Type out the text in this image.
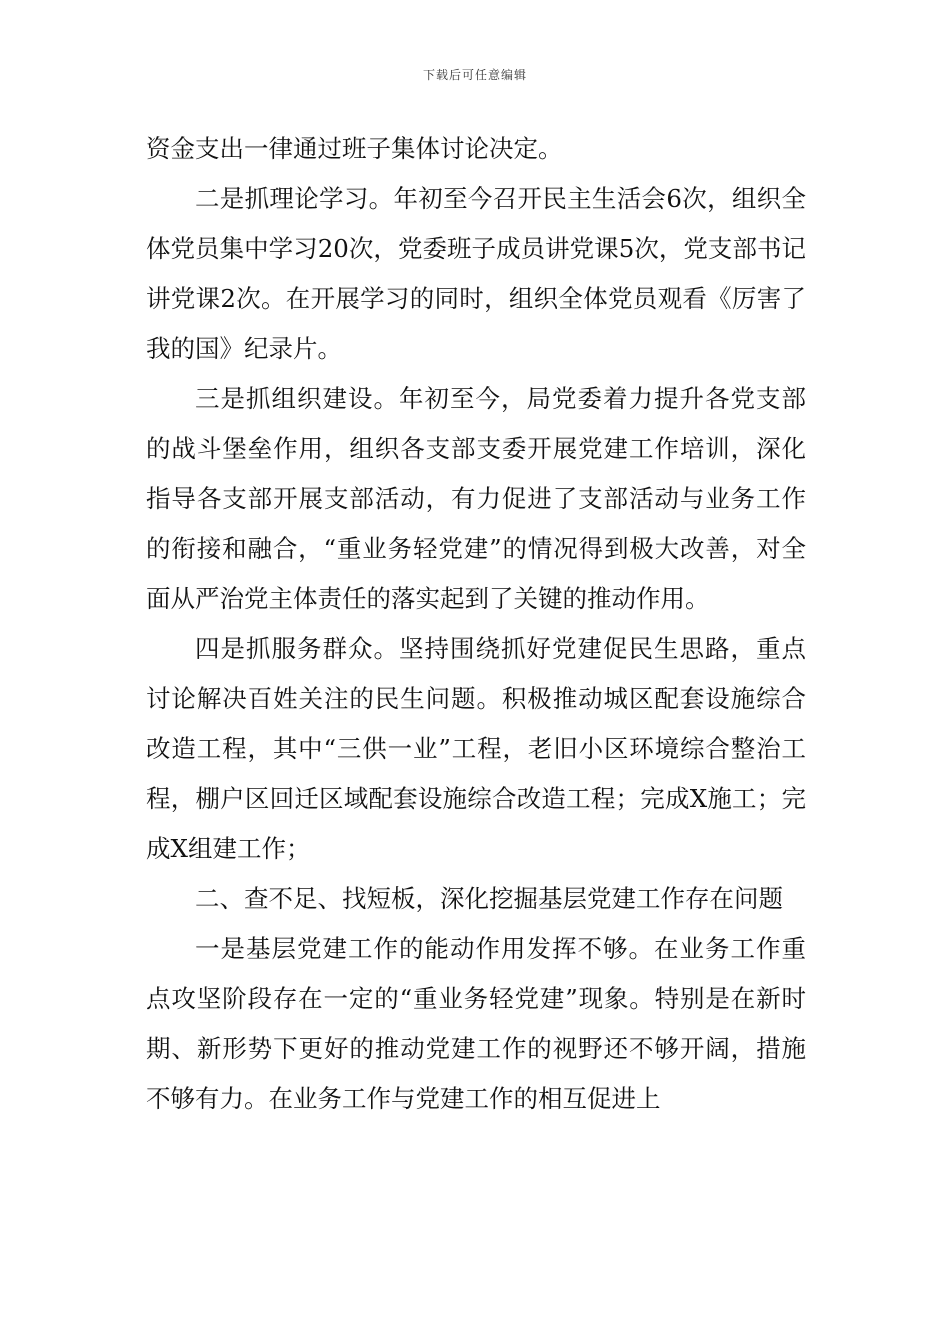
下载后可任意编辑

资金支出一律通过班子集体讨论决定。

二是抓理论学习。年初至今召开民主生活会6次，组织全体党员集中学习20次，党委班子成员讲党课5次，党支部书记讲党课2次。在开展学习的同时，组织全体党员观看《厉害了我的国》纪录片。

三是抓组织建设。年初至今，局党委着力提升各党支部的战斗堡垒作用，组织各支部支委开展党建工作培训，深化指导各支部开展支部活动，有力促进了支部活动与业务工作的衔接和融合，“重业务轻党建”的情况得到极大改善，对全面从严治党主体责任的落实起到了关键的推动作用。

四是抓服务群众。坚持围绕抓好党建促民生思路，重点讨论解决百姓关注的民生问题。积极推动城区配套设施综合改造工程，其中“三供一业”工程，老旧小区环境综合整治工程，棚户区回迁区域配套设施综合改造工程；完成X施工；完成X组建工作；

二、查不足、找短板，深化挖掘基层党建工作存在问题

一是基层党建工作的能动作用发挥不够。在业务工作重点攻坚阶段存在一定的“重业务轻党建”现象。特别是在新时期、新形势下更好的推动党建工作的视野还不够开阔，措施不够有力。在业务工作与党建工作的相互促进上
